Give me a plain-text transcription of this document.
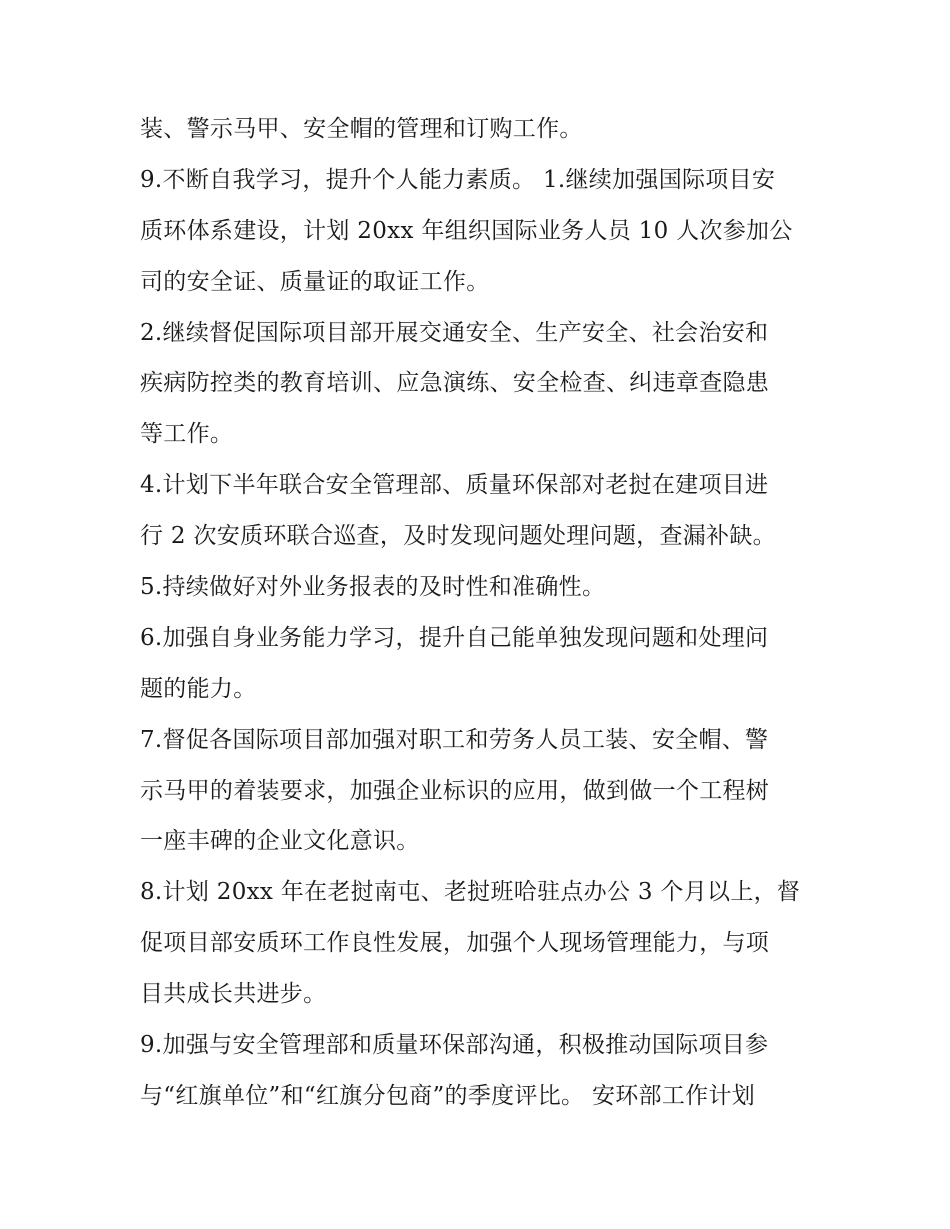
装、警示马甲、安全帽的管理和订购工作。
9.不断自我学习，提升个人能力素质。 1.继续加强国际项目安
质环体系建设，计划 20xx 年组织国际业务人员 10 人次参加公
司的安全证、质量证的取证工作。
2.继续督促国际项目部开展交通安全、生产安全、社会治安和
疾病防控类的教育培训、应急演练、安全检查、纠违章查隐患
等工作。
4.计划下半年联合安全管理部、质量环保部对老挝在建项目进
行 2 次安质环联合巡查，及时发现问题处理问题，查漏补缺。
5.持续做好对外业务报表的及时性和准确性。
6.加强自身业务能力学习，提升自己能单独发现问题和处理问
题的能力。
7.督促各国际项目部加强对职工和劳务人员工装、安全帽、警
示马甲的着装要求，加强企业标识的应用，做到做一个工程树
一座丰碑的企业文化意识。
8.计划 20xx 年在老挝南屯、老挝班哈驻点办公 3 个月以上，督
促项目部安质环工作良性发展，加强个人现场管理能力，与项
目共成长共进步。
9.加强与安全管理部和质量环保部沟通，积极推动国际项目参
与“红旗单位”和“红旗分包商”的季度评比。 安环部工作计划
